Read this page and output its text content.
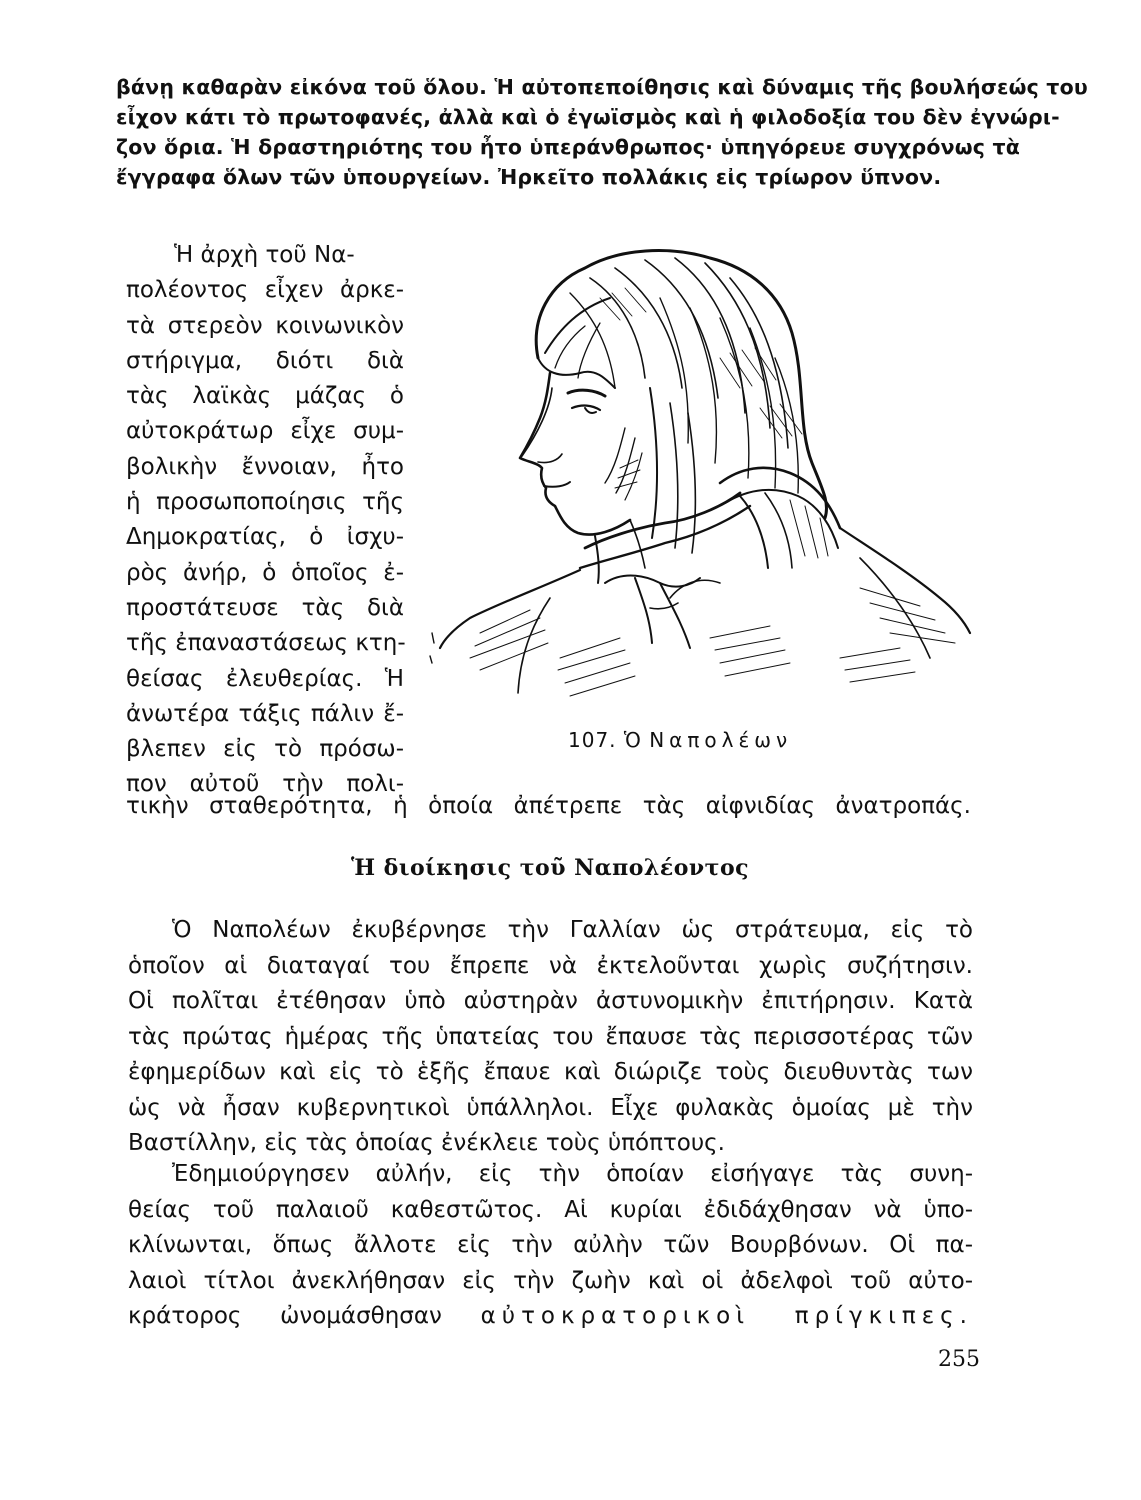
βάνῃ καθαρὰν εἰκόνα τοῦ ὅλου. Ἡ αὐτοπεποίθησις καὶ δύναμις τῆς βουλήσεώς του
εἶχον κάτι τὸ πρωτοφανές, ἀλλὰ καὶ ὁ ἐγωϊσμὸς καὶ ἡ φιλοδοξία του δὲν ἐγνώρι-
ζον ὅρια. Ἡ δραστηριότης του ἦτο ὑπεράνθρωπος· ὑπηγόρευε συγχρόνως τὰ
ἔγγραφα ὅλων τῶν ὑπουργείων. Ἠρκεῖτο πολλάκις εἰς τρίωρον ὕπνον.
Ἡ ἀρχὴ τοῦ Να-
πολέοντος εἶχεν ἀρκε-
τὰ στερεὸν κοινωνικὸν
στήριγμα, διότι διὰ
τὰς λαϊκὰς μάζας ὁ
αὐτοκράτωρ εἶχε συμ-
βολικὴν ἔννοιαν, ἦτο
ἡ προσωποποίησις τῆς
Δημοκρατίας, ὁ ἰσχυ-
ρὸς ἀνήρ, ὁ ὁποῖος ἐ-
προστάτευσε τὰς διὰ
τῆς ἐπαναστάσεως κτη-
θείσας ἐλευθερίας. Ἡ
ἀνωτέρα τάξις πάλιν ἔ-
βλεπεν εἰς τὸ πρόσω-
πον αὐτοῦ τὴν πολι-
107. Ὁ Ναπολέων
τικὴν σταθερότητα, ἡ ὁποία ἀπέτρεπε τὰς αἰφνιδίας ἀνατροπάς.
Ἡ διοίκησις τοῦ Ναπολέοντος
Ὁ Ναπολέων ἐκυβέρνησε τὴν Γαλλίαν ὡς στράτευμα, εἰς τὸ
ὁποῖον αἱ διαταγαί του ἔπρεπε νὰ ἐκτελοῦνται χωρὶς συζήτησιν.
Οἱ πολῖται ἐτέθησαν ὑπὸ αὐστηρὰν ἀστυνομικὴν ἐπιτήρησιν. Κατὰ
τὰς πρώτας ἡμέρας τῆς ὑπατείας του ἔπαυσε τὰς περισσοτέρας τῶν
ἐφημερίδων καὶ εἰς τὸ ἑξῆς ἔπαυε καὶ διώριζε τοὺς διευθυντὰς των
ὡς νὰ ἦσαν κυβερνητικοὶ ὑπάλληλοι. Εἶχε φυλακὰς ὁμοίας μὲ τὴν
Βαστίλλην, εἰς τὰς ὁποίας ἐνέκλειε τοὺς ὑπόπτους.
Ἐδημιούργησεν αὐλήν, εἰς τὴν ὁποίαν εἰσήγαγε τὰς συνη-
θείας τοῦ παλαιοῦ καθεστῶτος. Αἱ κυρίαι ἐδιδάχθησαν νὰ ὑπο-
κλίνωνται, ὅπως ἄλλοτε εἰς τὴν αὐλὴν τῶν Βουρβόνων. Οἱ πα-
λαιοὶ τίτλοι ἀνεκλήθησαν εἰς τὴν ζωὴν καὶ οἱ ἀδελφοὶ τοῦ αὐτο-
κράτορος ὠνομάσθησαν αὐτοκρατορικοὶ πρίγκιπες.
255
